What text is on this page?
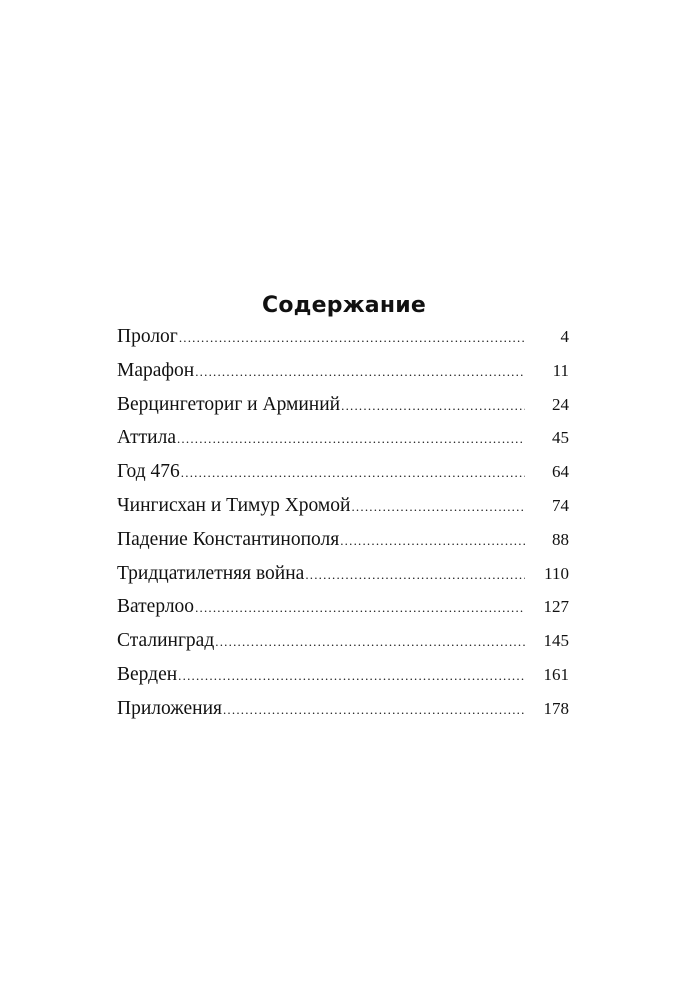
Содержание
Пролог .....	4
Марафон .....	11
Верцингеториг и Арминий .....	24
Аттила .....	45
Год 476 .....	64
Чингисхан и Тимур Хромой .....	74
Падение Константинополя .....	88
Тридцатилетняя война .....	110
Ватерлоо .....	127
Сталинград .....	145
Верден .....	161
Приложения .....	178
